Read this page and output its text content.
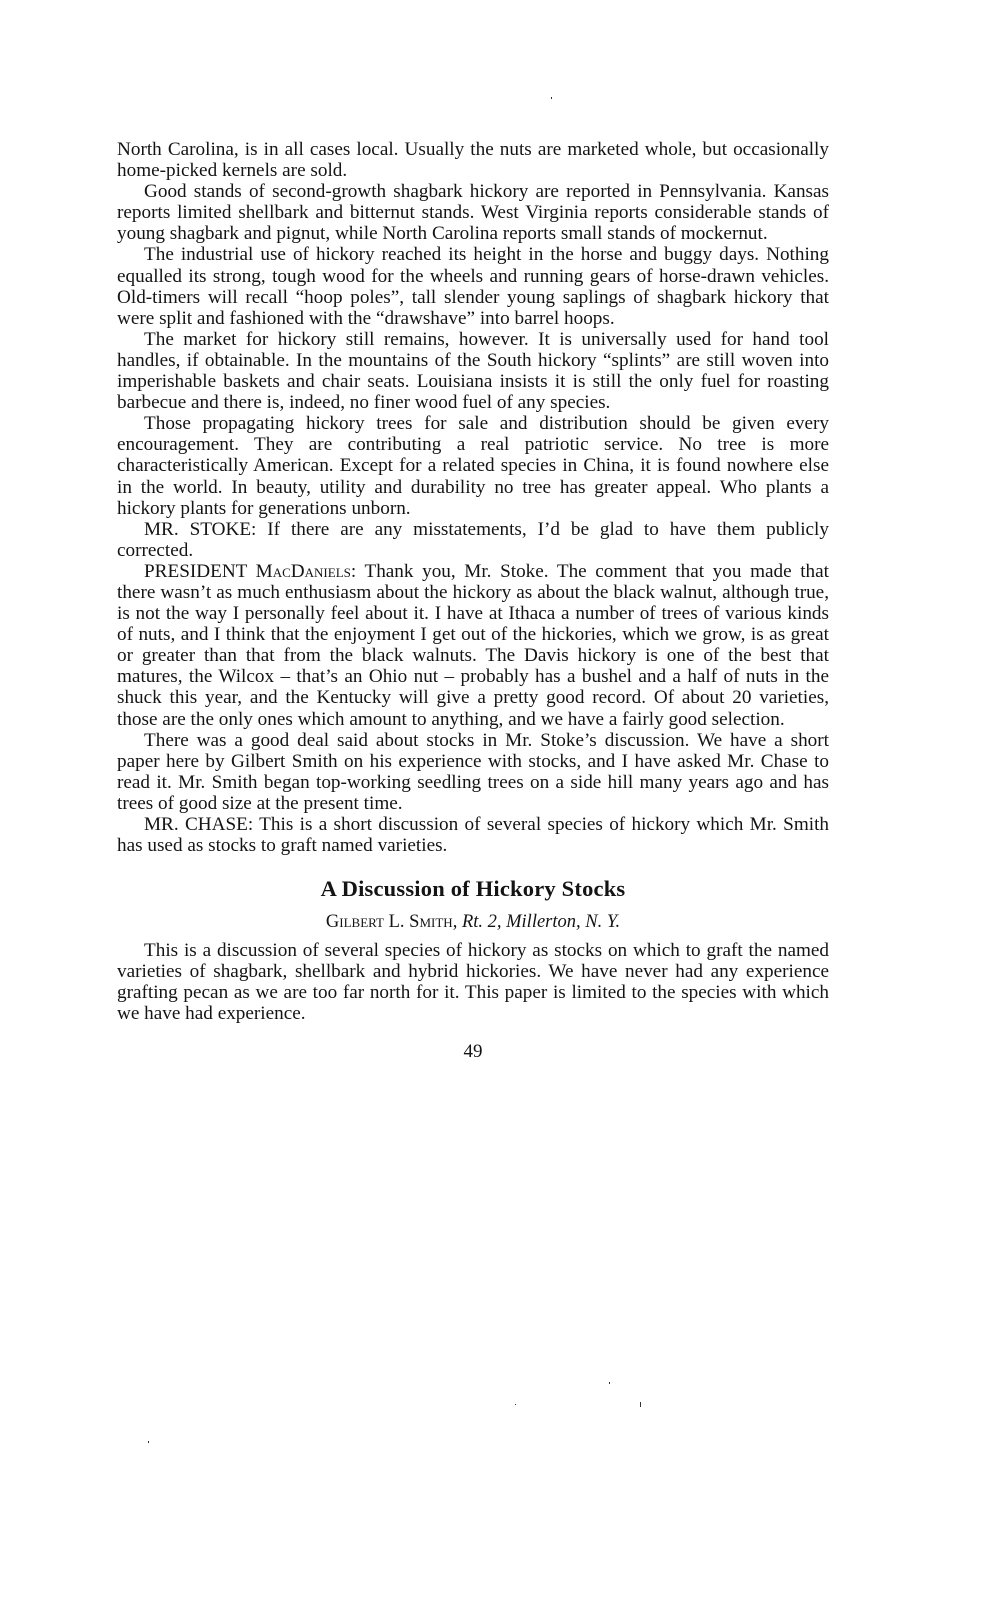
North Carolina, is in all cases local. Usually the nuts are marketed whole, but occasionally home-picked kernels are sold.

Good stands of second-growth shagbark hickory are reported in Pennsylvania. Kansas reports limited shellbark and bitternut stands. West Virginia reports considerable stands of young shagbark and pignut, while North Carolina reports small stands of mockernut.

The industrial use of hickory reached its height in the horse and buggy days. Nothing equalled its strong, tough wood for the wheels and running gears of horse-drawn vehicles. Old-timers will recall “hoop poles”, tall slender young saplings of shagbark hickory that were split and fashioned with the “drawshave” into barrel hoops.

The market for hickory still remains, however. It is universally used for hand tool handles, if obtainable. In the mountains of the South hickory “splints” are still woven into imperishable baskets and chair seats. Louisiana insists it is still the only fuel for roasting barbecue and there is, indeed, no finer wood fuel of any species.

Those propagating hickory trees for sale and distribution should be given every encouragement. They are contributing a real patriotic service. No tree is more characteristically American. Except for a related species in China, it is found nowhere else in the world. In beauty, utility and durability no tree has greater appeal. Who plants a hickory plants for generations unborn.

MR. STOKE: If there are any misstatements, I’d be glad to have them publicly corrected.

PRESIDENT MacDaniels: Thank you, Mr. Stoke. The comment that you made that there wasn’t as much enthusiasm about the hickory as about the black walnut, although true, is not the way I personally feel about it. I have at Ithaca a number of trees of various kinds of nuts, and I think that the enjoyment I get out of the hickories, which we grow, is as great or greater than that from the black walnuts. The Davis hickory is one of the best that matures, the Wilcox – that’s an Ohio nut – probably has a bushel and a half of nuts in the shuck this year, and the Kentucky will give a pretty good record. Of about 20 varieties, those are the only ones which amount to anything, and we have a fairly good selection.

There was a good deal said about stocks in Mr. Stoke’s discussion. We have a short paper here by Gilbert Smith on his experience with stocks, and I have asked Mr. Chase to read it. Mr. Smith began top-working seedling trees on a side hill many years ago and has trees of good size at the present time.

MR. CHASE: This is a short discussion of several species of hickory which Mr. Smith has used as stocks to graft named varieties.

A Discussion of Hickory Stocks

Gilbert L. Smith, Rt. 2, Millerton, N. Y.

This is a discussion of several species of hickory as stocks on which to graft the named varieties of shagbark, shellbark and hybrid hickories. We have never had any experience grafting pecan as we are too far north for it. This paper is limited to the species with which we have had experience.

49
